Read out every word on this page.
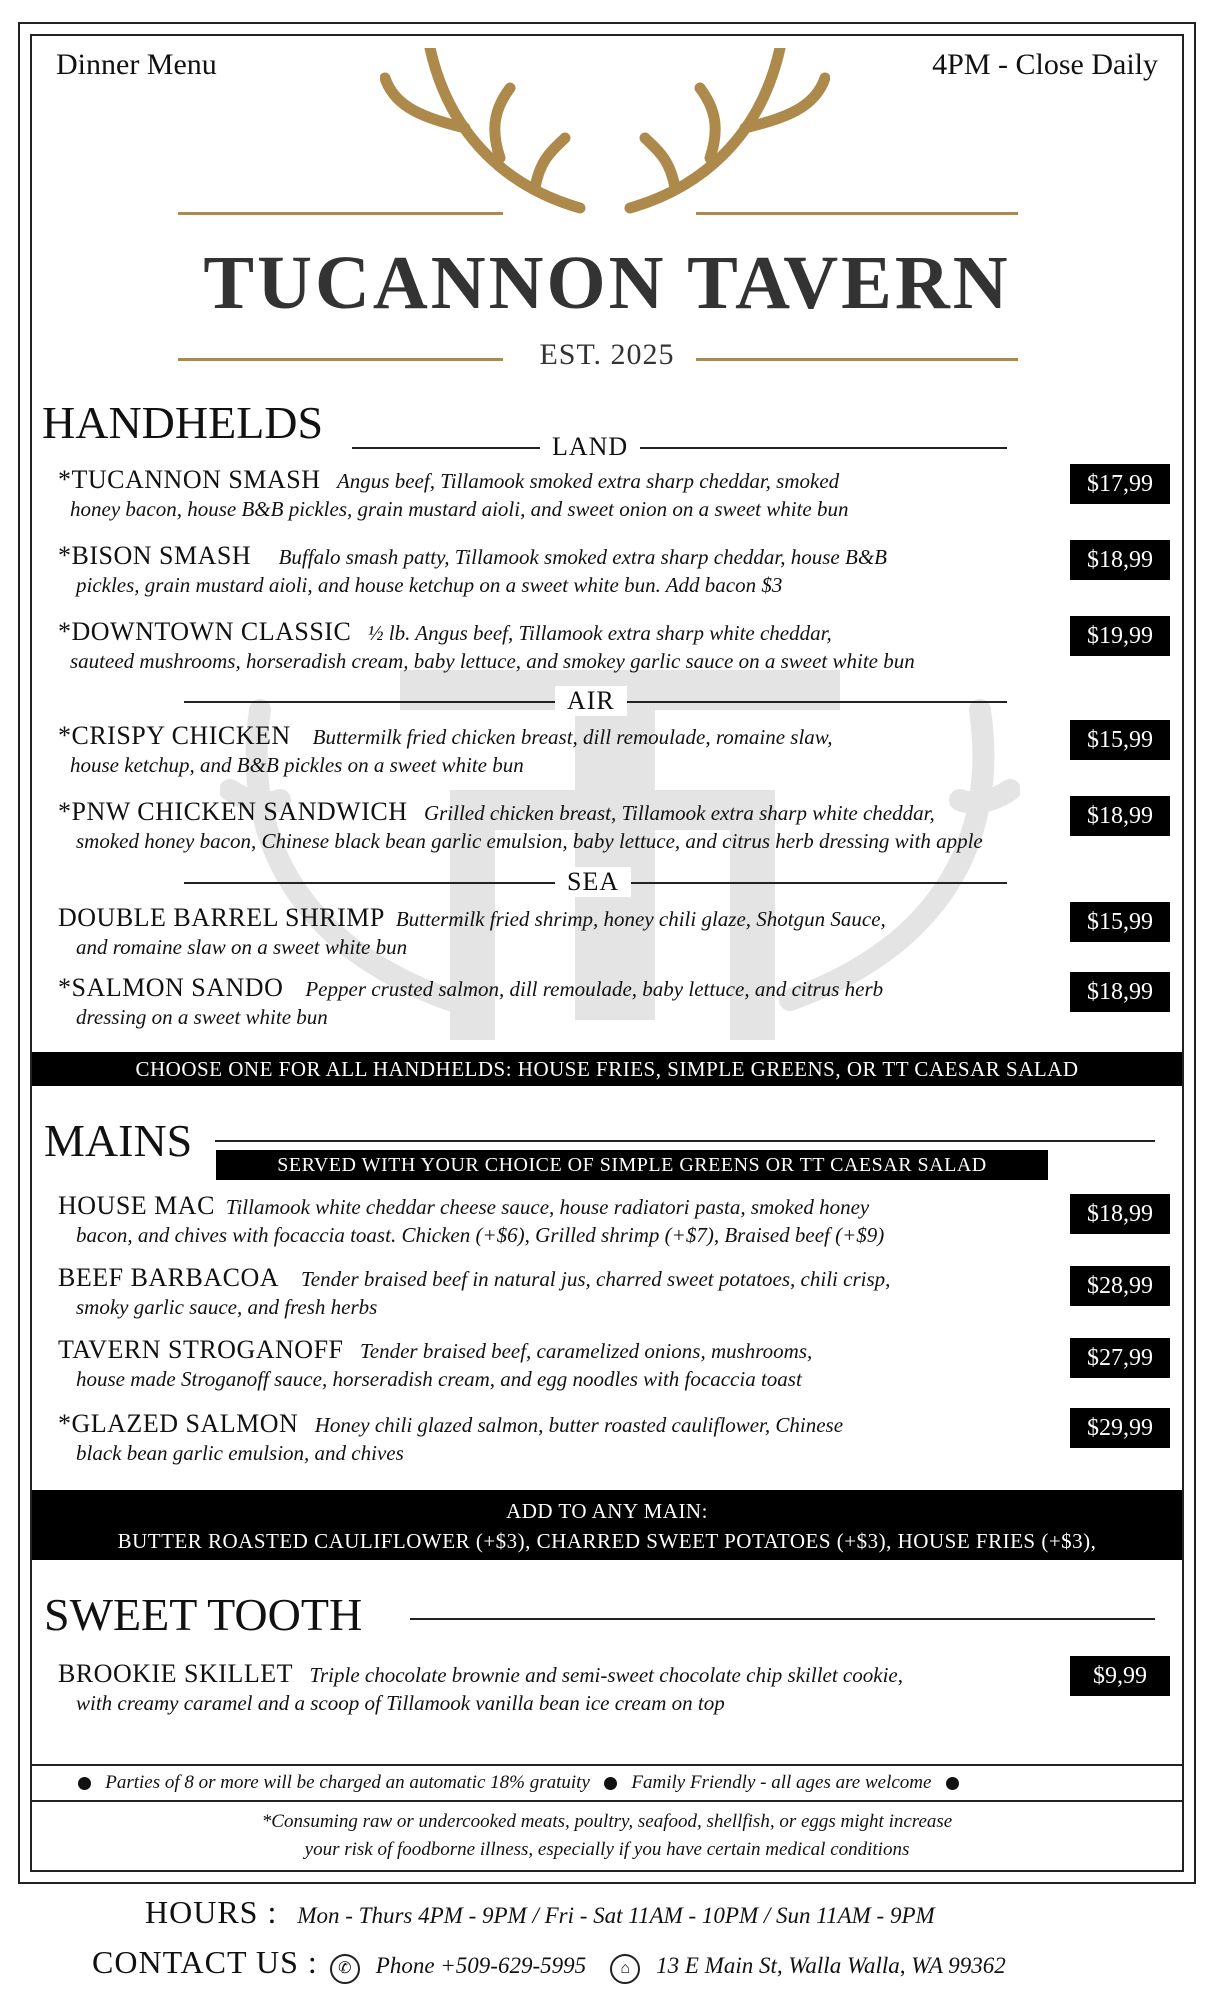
Dinner Menu	4PM - Close Daily
TUCANNON TAVERN
EST. 2025
HANDHELDS	LAND
*TUCANNON SMASH Angus beef, Tillamook smoked extra sharp cheddar, smoked
honey bacon, house B&B pickles, grain mustard aioli, and sweet onion on a sweet white bun
$17,99
*BISON SMASH Buffalo smash patty, Tillamook smoked extra sharp cheddar, house B&B
pickles, grain mustard aioli, and house ketchup on a sweet white bun. Add bacon $3
$18,99
*DOWNTOWN CLASSIC ½ lb. Angus beef, Tillamook extra sharp white cheddar,
sauteed mushrooms, horseradish cream, baby lettuce, and smokey garlic sauce on a sweet white bun
$19,99
AIR
*CRISPY CHICKEN Buttermilk fried chicken breast, dill remoulade, romaine slaw,
house ketchup, and B&B pickles on a sweet white bun
$15,99
*PNW CHICKEN SANDWICH Grilled chicken breast, Tillamook extra sharp white cheddar,
smoked honey bacon, Chinese black bean garlic emulsion, baby lettuce, and citrus herb dressing with apple
$18,99
SEA
DOUBLE BARREL SHRIMP Buttermilk fried shrimp, honey chili glaze, Shotgun Sauce,
and romaine slaw on a sweet white bun
$15,99
*SALMON SANDO Pepper crusted salmon, dill remoulade, baby lettuce, and citrus herb
dressing on a sweet white bun
$18,99
CHOOSE ONE FOR ALL HANDHELDS: HOUSE FRIES, SIMPLE GREENS, OR TT CAESAR SALAD
MAINS	SERVED WITH YOUR CHOICE OF SIMPLE GREENS OR TT CAESAR SALAD
HOUSE MAC Tillamook white cheddar cheese sauce, house radiatori pasta, smoked honey
bacon, and chives with focaccia toast. Chicken (+$6), Grilled shrimp (+$7), Braised beef (+$9)
$18,99
BEEF BARBACOA Tender braised beef in natural jus, charred sweet potatoes, chili crisp,
smoky garlic sauce, and fresh herbs
$28,99
TAVERN STROGANOFF Tender braised beef, caramelized onions, mushrooms,
house made Stroganoff sauce, horseradish cream, and egg noodles with focaccia toast
$27,99
*GLAZED SALMON Honey chili glazed salmon, butter roasted cauliflower, Chinese
black bean garlic emulsion, and chives
$29,99
ADD TO ANY MAIN:
BUTTER ROASTED CAULIFLOWER (+$3), CHARRED SWEET POTATOES (+$3), HOUSE FRIES (+$3),
SWEET TOOTH
BROOKIE SKILLET Triple chocolate brownie and semi-sweet chocolate chip skillet cookie,
with creamy caramel and a scoop of Tillamook vanilla bean ice cream on top
$9,99
Parties of 8 or more will be charged an automatic 18% gratuity Family Friendly - all ages are welcome
*Consuming raw or undercooked meats, poultry, seafood, shellfish, or eggs might increase
your risk of foodborne illness, especially if you have certain medical conditions
HOURS : Mon - Thurs 4PM - 9PM / Fri - Sat 11AM - 10PM / Sun 11AM - 9PM
CONTACT US : ✆ Phone +509-629-5995 ⌂ 13 E Main St, Walla Walla, WA 99362
